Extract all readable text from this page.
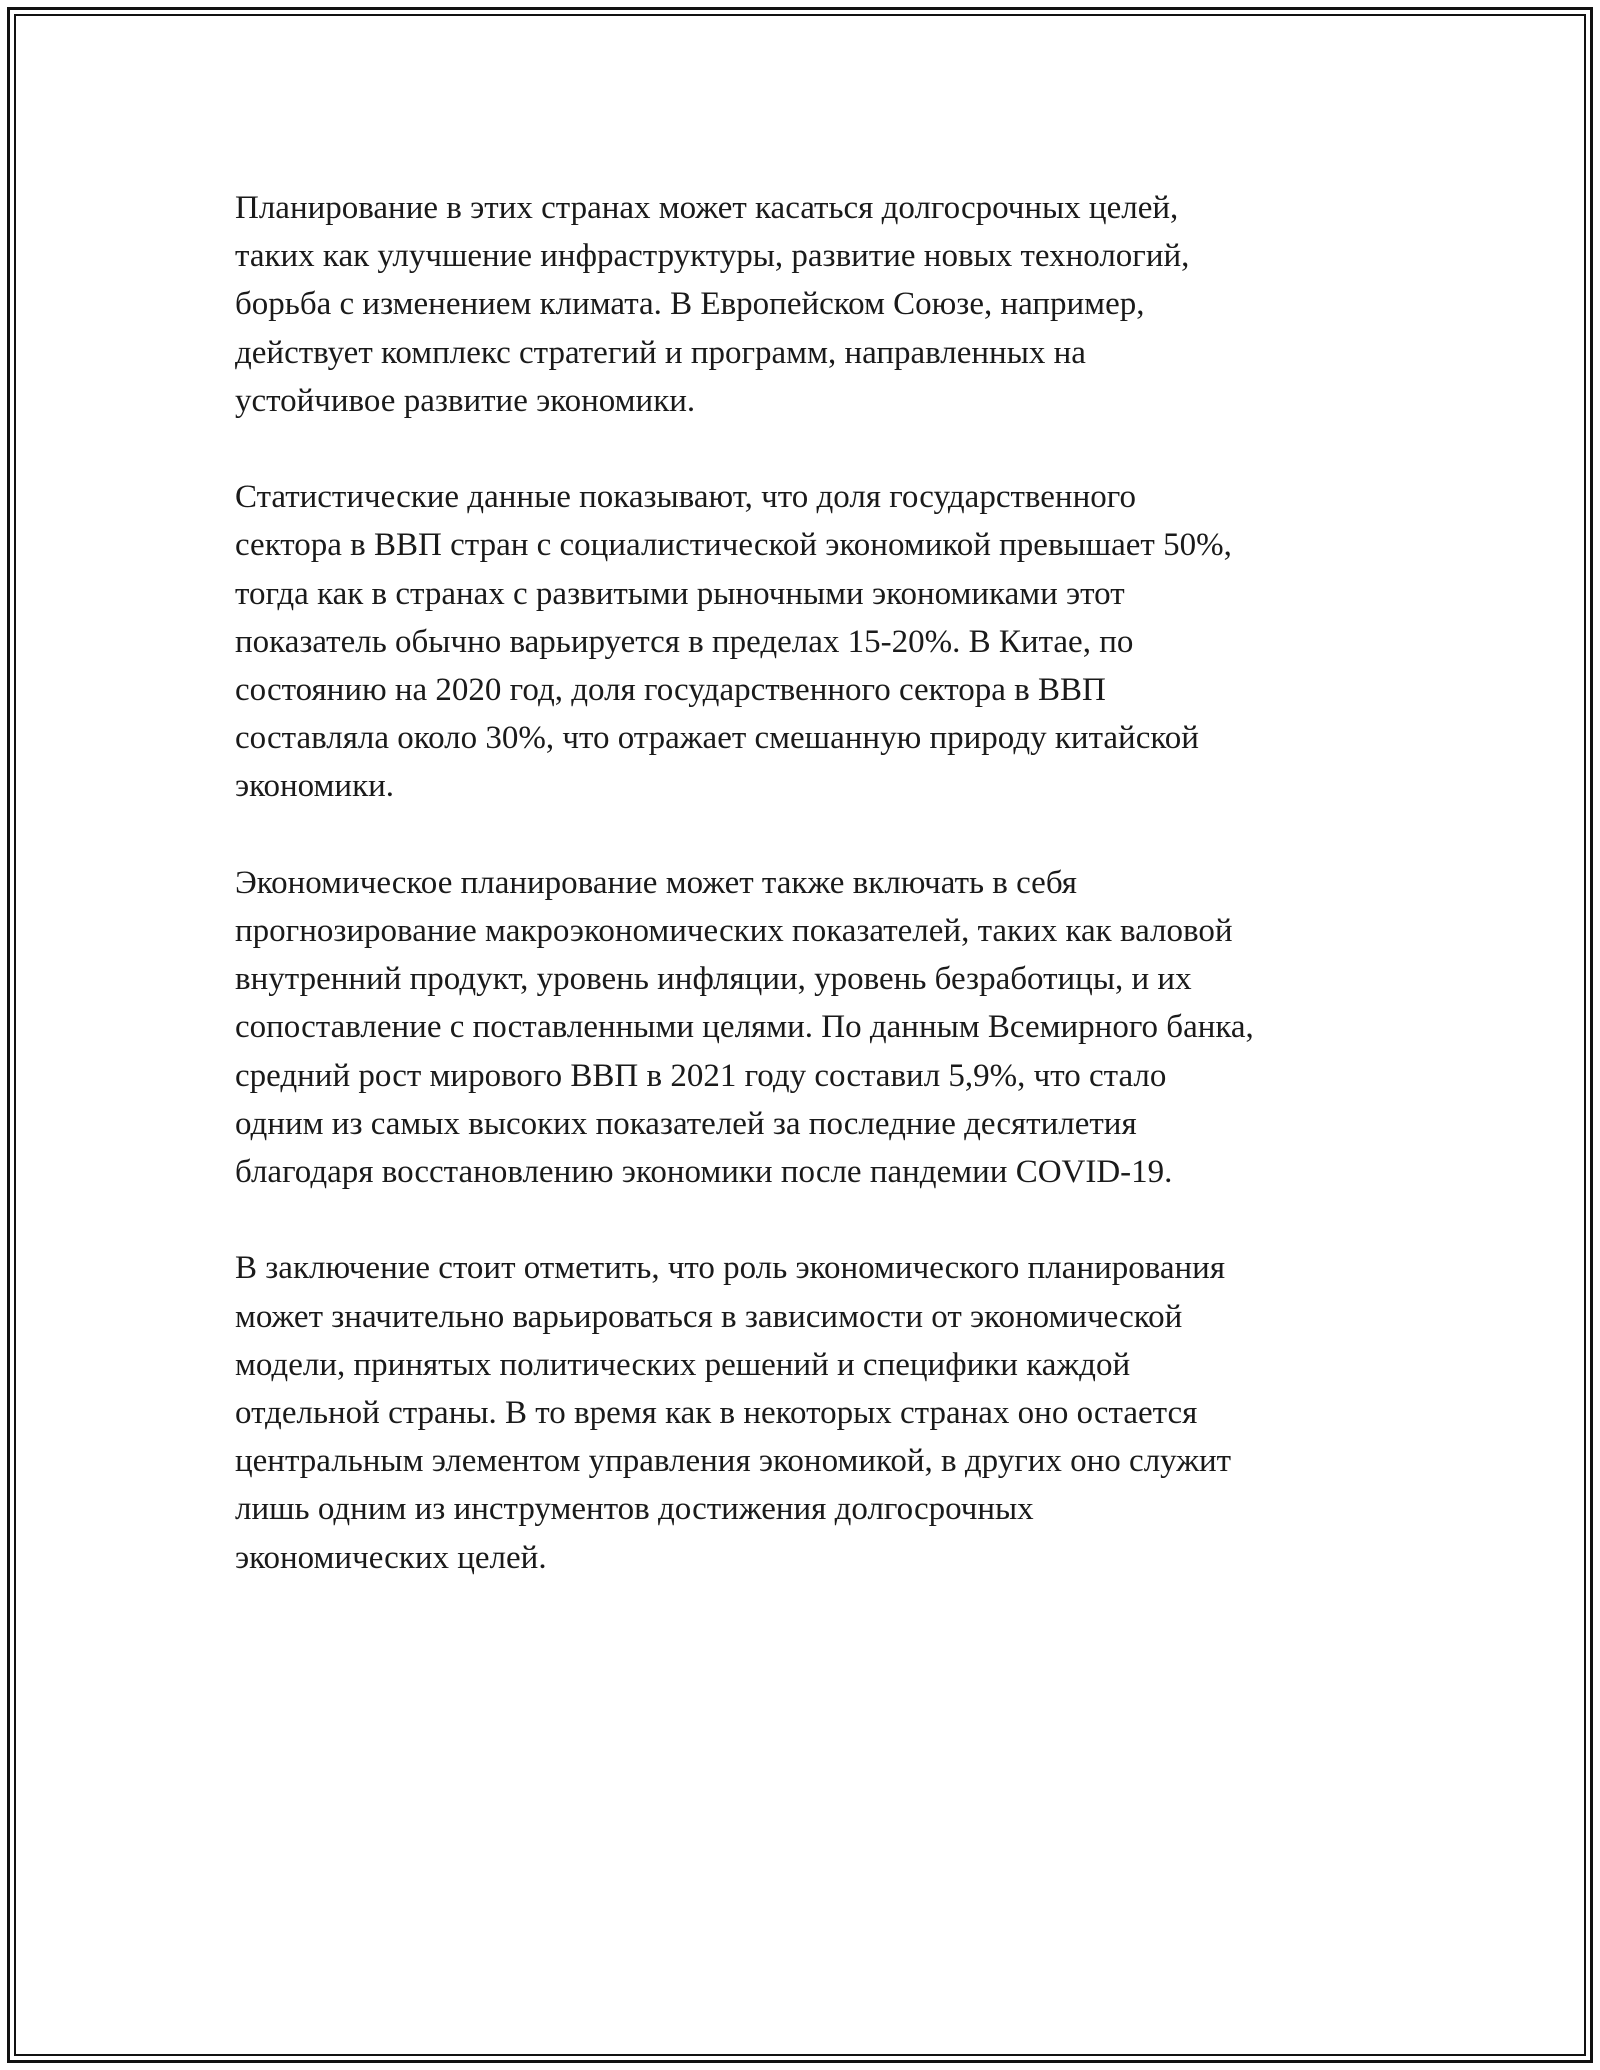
Планирование в этих странах может касаться долгосрочных целей,
таких как улучшение инфраструктуры, развитие новых технологий,
борьба с изменением климата. В Европейском Союзе, например,
действует комплекс стратегий и программ, направленных на
устойчивое развитие экономики.

Статистические данные показывают, что доля государственного
сектора в ВВП стран с социалистической экономикой превышает 50%,
тогда как в странах с развитыми рыночными экономиками этот
показатель обычно варьируется в пределах 15-20%. В Китае, по
состоянию на 2020 год, доля государственного сектора в ВВП
составляла около 30%, что отражает смешанную природу китайской
экономики.

Экономическое планирование может также включать в себя
прогнозирование макроэкономических показателей, таких как валовой
внутренний продукт, уровень инфляции, уровень безработицы, и их
сопоставление с поставленными целями. По данным Всемирного банка,
средний рост мирового ВВП в 2021 году составил 5,9%, что стало
одним из самых высоких показателей за последние десятилетия
благодаря восстановлению экономики после пандемии COVID-19.

В заключение стоит отметить, что роль экономического планирования
может значительно варьироваться в зависимости от экономической
модели, принятых политических решений и специфики каждой
отдельной страны. В то время как в некоторых странах оно остается
центральным элементом управления экономикой, в других оно служит
лишь одним из инструментов достижения долгосрочных
экономических целей.
